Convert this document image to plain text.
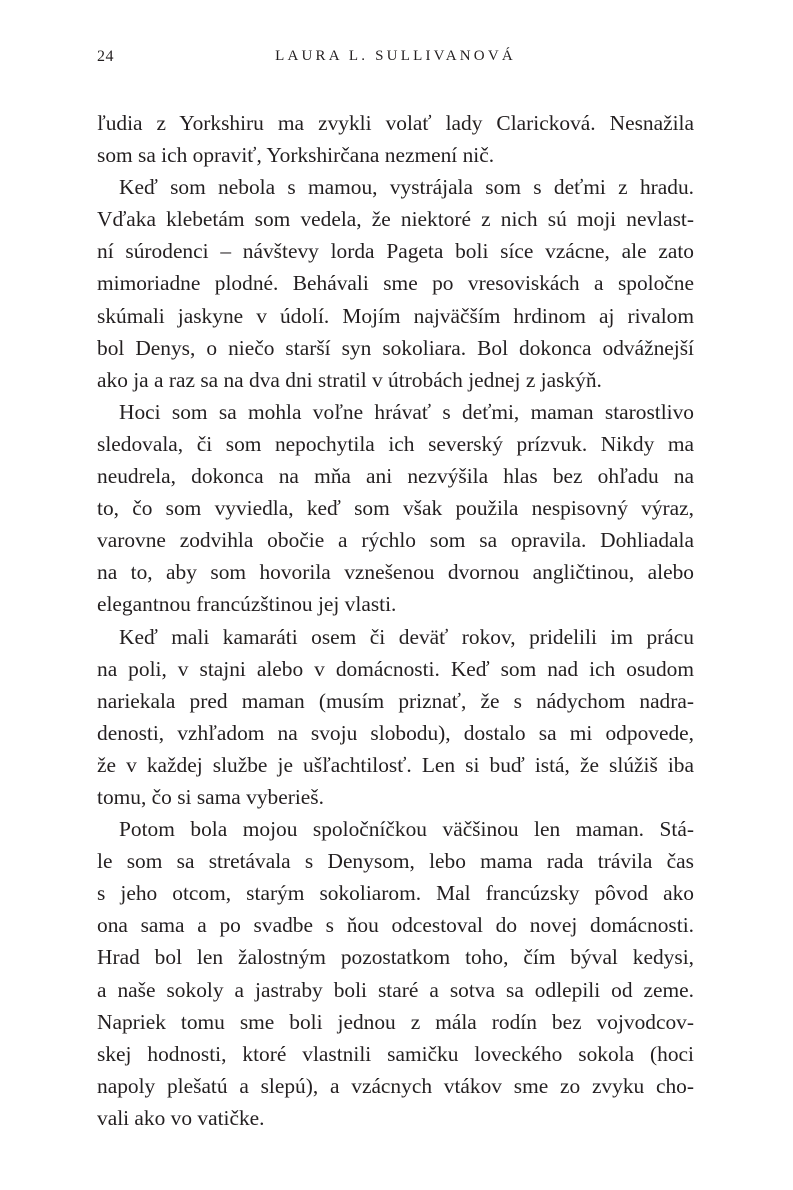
24	LAURA L. SULLIVANOVÁ
ľudia z Yorkshiru ma zvykli volať lady Claricková. Nesnažila
som sa ich opraviť, Yorkshirčana nezmení nič.
Keď som nebola s mamou, vystrájala som s deťmi z hradu.
Vďaka klebetám som vedela, že niektoré z nich sú moji nevlast-
ní súrodenci – návštevy lorda Pageta boli síce vzácne, ale zato
mimoriadne plodné. Behávali sme po vresoviskách a spoločne
skúmali jaskyne v údolí. Mojím najväčším hrdinom aj rivalom
bol Denys, o niečo starší syn sokoliara. Bol dokonca odvážnejší
ako ja a raz sa na dva dni stratil v útrobách jednej z jaskýň.
Hoci som sa mohla voľne hrávať s deťmi, maman starostlivo
sledovala, či som nepochytila ich severský prízvuk. Nikdy ma
neudrela, dokonca na mňa ani nezvýšila hlas bez ohľadu na
to, čo som vyviedla, keď som však použila nespisovný výraz,
varovne zodvihla obočie a rýchlo som sa opravila. Dohliadala
na to, aby som hovorila vznešenou dvornou angličtinou, alebo
elegantnou francúzštinou jej vlasti.
Keď mali kamaráti osem či deväť rokov, pridelili im prácu
na poli, v stajni alebo v domácnosti. Keď som nad ich osudom
nariekala pred maman (musím priznať, že s nádychom nadra-
denosti, vzhľadom na svoju slobodu), dostalo sa mi odpovede,
že v každej službe je ušľachtilosť. Len si buď istá, že slúžiš iba
tomu, čo si sama vyberieš.
Potom bola mojou spoločníčkou väčšinou len maman. Stá-
le som sa stretávala s Denysom, lebo mama rada trávila čas
s jeho otcom, starým sokoliarom. Mal francúzsky pôvod ako
ona sama a po svadbe s ňou odcestoval do novej domácnosti.
Hrad bol len žalostným pozostatkom toho, čím býval kedysi,
a naše sokoly a jastraby boli staré a sotva sa odlepili od zeme.
Napriek tomu sme boli jednou z mála rodín bez vojvodcov-
skej hodnosti, ktoré vlastnili samičku loveckého sokola (hoci
napoly plešatú a slepú), a vzácnych vtákov sme zo zvyku cho-
vali ako vo vatičke.
